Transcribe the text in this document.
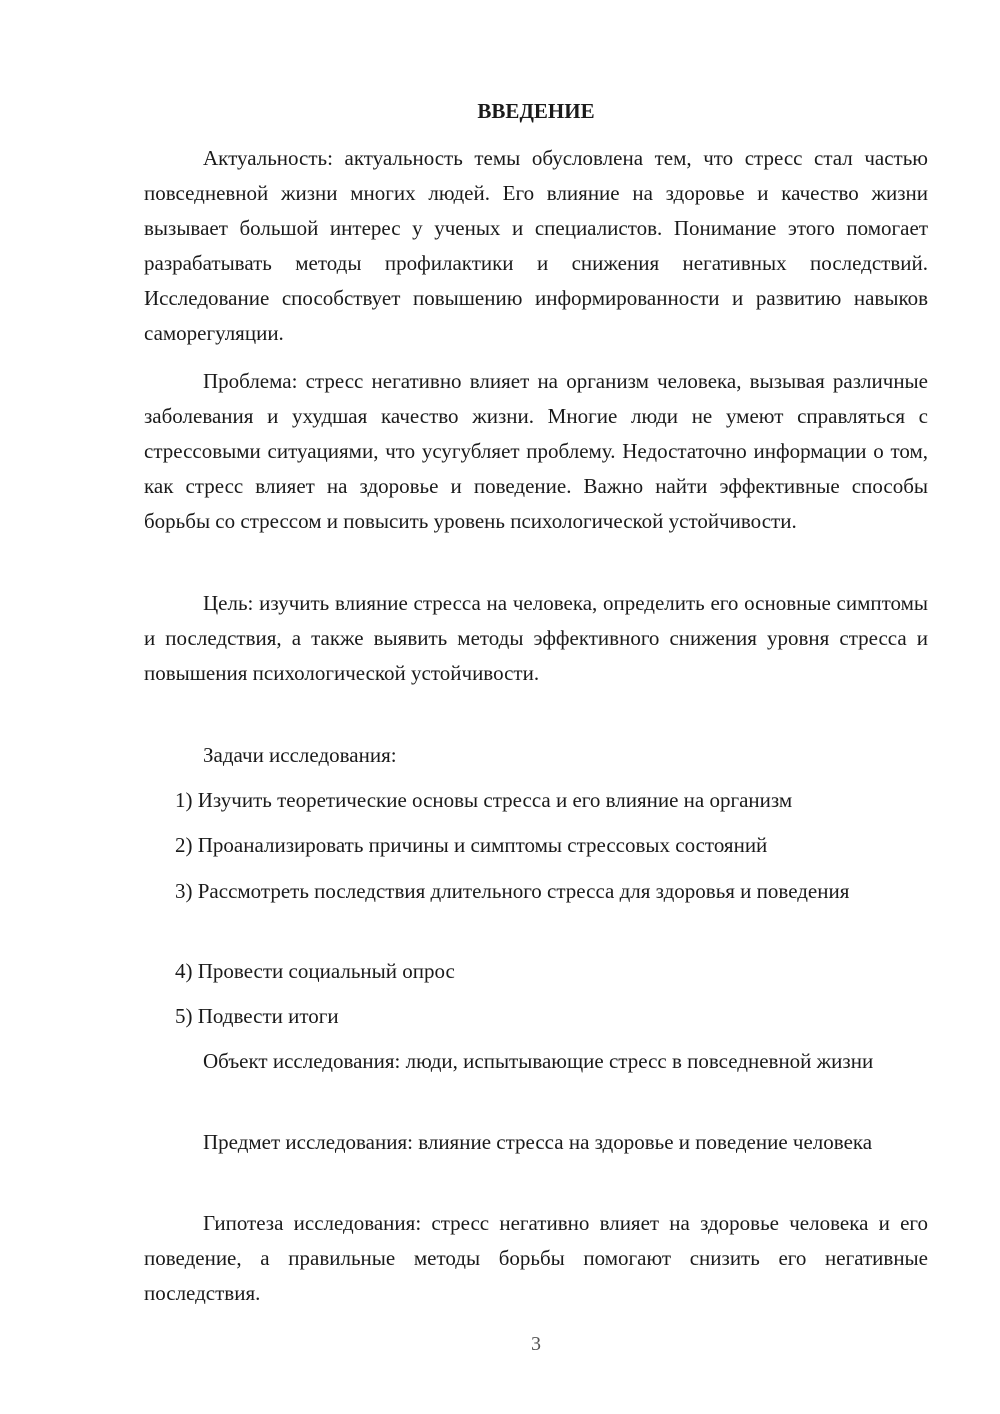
ВВЕДЕНИЕ

Актуальность: актуальность темы обусловлена тем, что стресс стал частью повседневной жизни многих людей. Его влияние на здоровье и качество жизни вызывает большой интерес у ученых и специалистов. Понимание этого помогает разрабатывать методы профилактики и снижения негативных последствий. Исследование способствует повышению информированности и развитию навыков саморегуляции.

Проблема: стресс негативно влияет на организм человека, вызывая различные заболевания и ухудшая качество жизни. Многие люди не умеют справляться с стрессовыми ситуациями, что усугубляет проблему. Недостаточно информации о том, как стресс влияет на здоровье и поведение. Важно найти эффективные способы борьбы со стрессом и повысить уровень психологической устойчивости.

Цель: изучить влияние стресса на человека, определить его основные симптомы и последствия, а также выявить методы эффективного снижения уровня стресса и повышения психологической устойчивости.

Задачи исследования:

1) Изучить теоретические основы стресса и его влияние на организм

2) Проанализировать причины и симптомы стрессовых состояний

3) Рассмотреть последствия длительного стресса для здоровья и поведения

4) Провести социальный опрос

5) Подвести итоги

Объект исследования: люди, испытывающие стресс в повседневной жизни

Предмет исследования: влияние стресса на здоровье и поведение человека

Гипотеза исследования: стресс негативно влияет на здоровье человека и его поведение, а правильные методы борьбы помогают снизить его негативные последствия.

3
